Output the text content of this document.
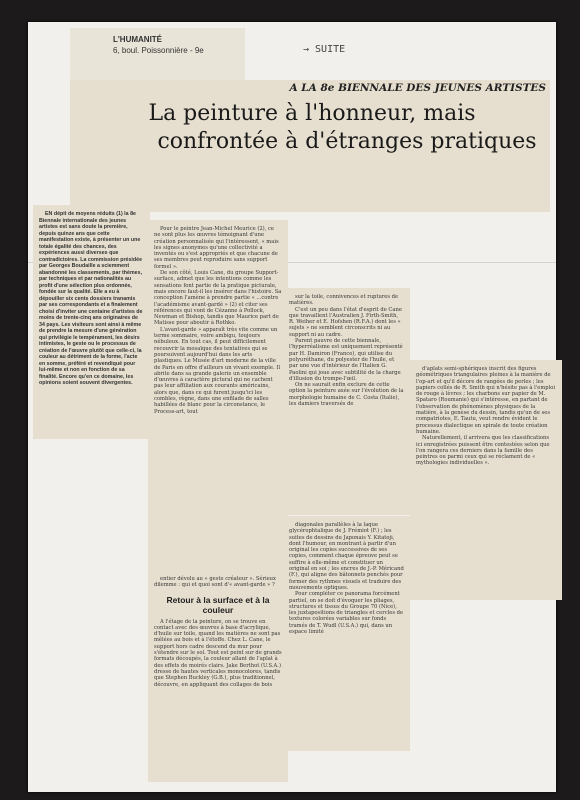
L'HUMANITÉ
6, boul. Poissonnière - 9e	→ SUITE
A LA 8e BIENNALE DES JEUNES ARTISTES
La peinture à l'honneur, mais
confrontée à d'étranges pratiques

EN dépit de moyens réduits (1) la 8e Biennale internationale des jeunes artistes est sans doute la première, depuis quinze ans que cette manifestation existe, à présenter un une totale égalité des chances, des expériences aussi diverses que contradictoires. La commission présidée par Georges Boudaille a sciemment abandonné les classements, par thèmes, par techniques et par nationalités au profit d'une sélection plus ordonnée, fondée sur la qualité. Elle a eu à dépouiller six cents dossiers tranamis par ses correspondants et a finalement choisi d'inviter une centaine d'artistes de moins de trente-cinq ans originaires de 34 pays. Les visiteurs sont ainsi à même de prendre la mesure d'une génération qui privilégie le tempérament, les désirs intimistes, le geste ou le processus de création de l'œuvre plutôt que celle-ci, la couleur au détriment de la forme, l'acte en somme, préféré et revendiqué pour lui-même et non en fonction de sa finalité. Encore qu'en ce domaine, les opinions soient souvent divergentes.

Pour le peintre Jean-Michel Meurice (2), ce ne sont plus les œuvres témoignant d'une création personnalisée qui l'intéressent, « mais les signes anonymes qu'une collectivité a inventés ou s'est appropriés et que chacune de ses membres peut reproduire sans support formel ».

De son côté, Louis Cane, du groupe Support-surface, admet que les intentions comme les sensations font partie de la pratique picturale, mais encore faut-il les insérer dans l'histoire. Sa conception l'amène à prendre partie « ...contre l'académisme avant-gardé » (2) et citer ses références qui vont de Cézanne à Pollock, Newman et Bishop, tandis que Maurice part de Matisse pour aboutir à Rothko.

L'avant-garde » apparaît très vite comme un terme sommaire, voire ambigu, toujours nébuleux. En tout cas, il peut difficilement recouvrir la mosaïque des tentatives qui se poursuivent aujourd'hui dans les arts plastiques. Le Musée d'art moderne de la ville de Paris en offre d'ailleurs un vivant exemple. Il abrite dans sa grande galerie un ensemble d'œuvres à caractère pictural qui ne cachent pas leur affiliation aux courants américains, alors que, dans ce qui furent jusqu'ici les combles, règne, dans une enfilade de salles habillées de blanc pour la circonstance, le Process-art, tout

entier dévolu au « geste créateur ». Sérieux dilemme : qui et quoi sont d'« avant-garde » ?

Retour à la surface et à la couleur

A l'étage de la peinture, on se trouve en contact avec des œuvres à base d'acrylique, d'huile sur toile, quand les matières ne sont pas mêlées au bois et à l'étoffe. Chez L. Cane, le support hors cadre descend du mur pour s'étendre sur le sol. Tout est peint sur de grands formats découpés, la couleur allant de l'aplat à des effets de moirés clairs. Jake Berthot (U.S.A.) dresse de hautes verticales monocolores, tandis que Stephen Buckley (G.B.), plus traditionnel, découvre, en appliquant des collages de bois

sur la toile, connivences et ruptures de matières.

C'est un peu dans l'état d'esprit de Cane que travaillent l'Australien J. Firth-Smith, R. Weiher et E. Hofshen (R.F.A.) dont les « sujets » ne semblent circonscrits ni au support ni au cadre.

Parent pauvre de cette biennale, l'hyperréalisme est uniquement représenté par H. Damiron (France), qui utilise du polyuréthane, du polyester de l'huile, et par une vue d'intérieur de l'Italien G. Paolini qui joue avec subtilité de la charge d'illusion du trompe-l'œil.

On ne saurait enfin exclure de cette option la peinture axée sur l'évolution de la morphologie humaine de C. Costa (Italie), les damiers traversés de

diagonales parallèles à la laque glycérophtalique de J. Frémiot (F.) ; les suites de dessins du Japonais Y. Kitatoji, dont l'humour, en montrant à partir d'un original les copies successives de ses copies, comment chaque épreuve peut se suffire à elle-même et constituer un original en soi ; les encres de J.-P. Méricand (F.), qui aligne des bâtonnets penchés pour former des rythmes visuels et traduire des mouvements optiques.

Pour compléter ce panorama forcément partiel, on se doit d'évoquer les pliages, structures et tissus du Groupe 70 (Nice), les juxtapositions de triangles et cercles de textures colorées variables sur fonds tramés de T. Wudl (U.S.A.) qui, dans un espace limité

d'aplats semi-sphériques inscrit des figures géométriques triangulaires pleines à la manière de l'op-art et qu'il décore de rangées de perles ; les papiers collés de R. Smith qui n'hésite pas à l'emploi de rouge à lèvres ; les charbons sur papier de M. Spataro (Roumanie) qui s'intéresse, en partant de l'observation de phénomènes physiques de la matière, à la genèse du dessin, tandis qu'un de ses compatriotes, E. Tautu, veut rendre évident le processus dialectique en spirale de toute création humaine.

Naturellement, il arrivera que les classifications ici enregistrées puissent être contestées selon que l'on rangera ces derniers dans la famille des peintres ou parmi ceux qui se réclament de « mythologies individuelles ».
